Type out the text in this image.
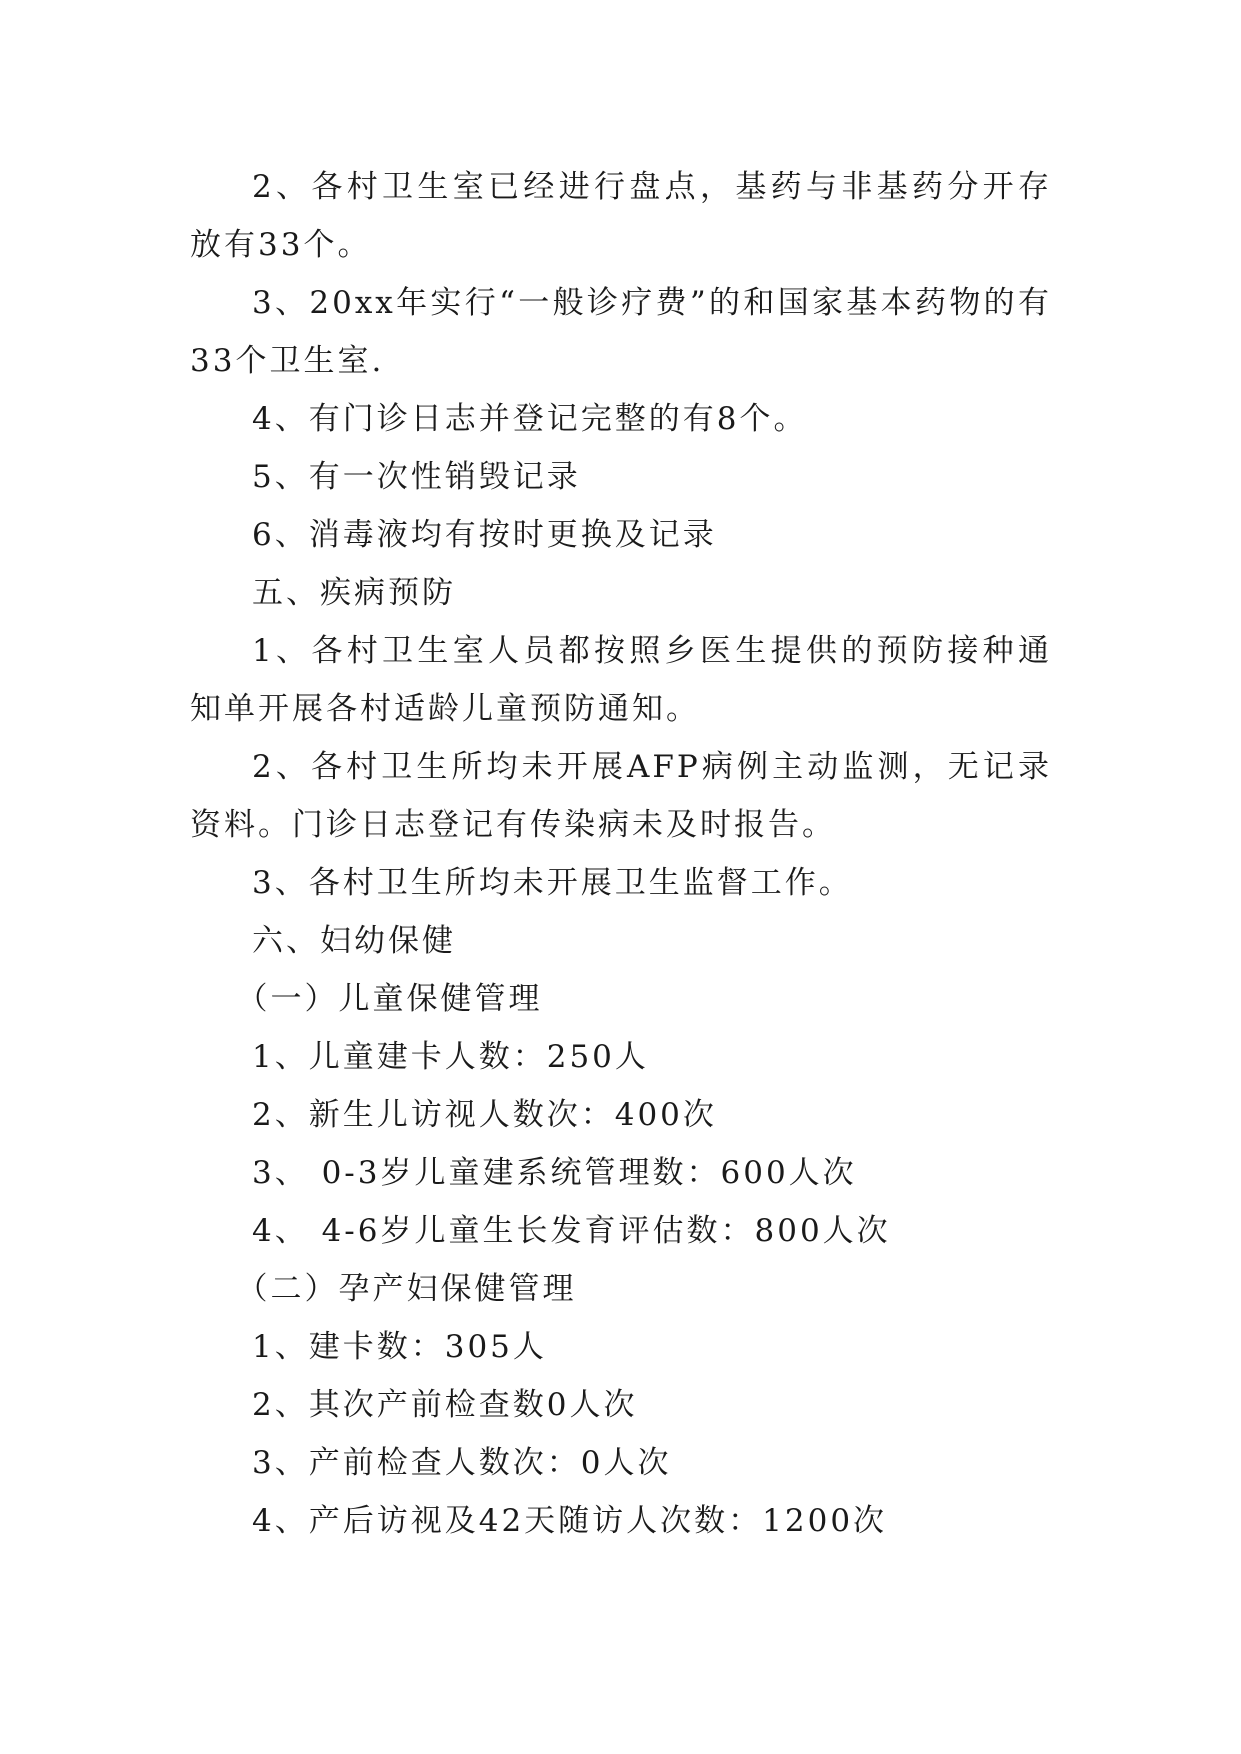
2、各村卫生室已经进行盘点，基药与非基药分开存放有33个。

3、20xx年实行“一般诊疗费”的和国家基本药物的有33个卫生室.

4、有门诊日志并登记完整的有8个。

5、有一次性销毁记录

6、消毒液均有按时更换及记录

五、疾病预防

1、各村卫生室人员都按照乡医生提供的预防接种通知单开展各村适龄儿童预防通知。

2、各村卫生所均未开展AFP病例主动监测，无记录资料。门诊日志登记有传染病未及时报告。

3、各村卫生所均未开展卫生监督工作。

六、妇幼保健

（一）儿童保健管理

1、儿童建卡人数：250人

2、新生儿访视人数次：400次

3、 0-3岁儿童建系统管理数：600人次

4、 4-6岁儿童生长发育评估数：800人次

（二）孕产妇保健管理

1、建卡数：305人

2、其次产前检查数0人次

3、产前检查人数次：0人次

4、产后访视及42天随访人次数：1200次
